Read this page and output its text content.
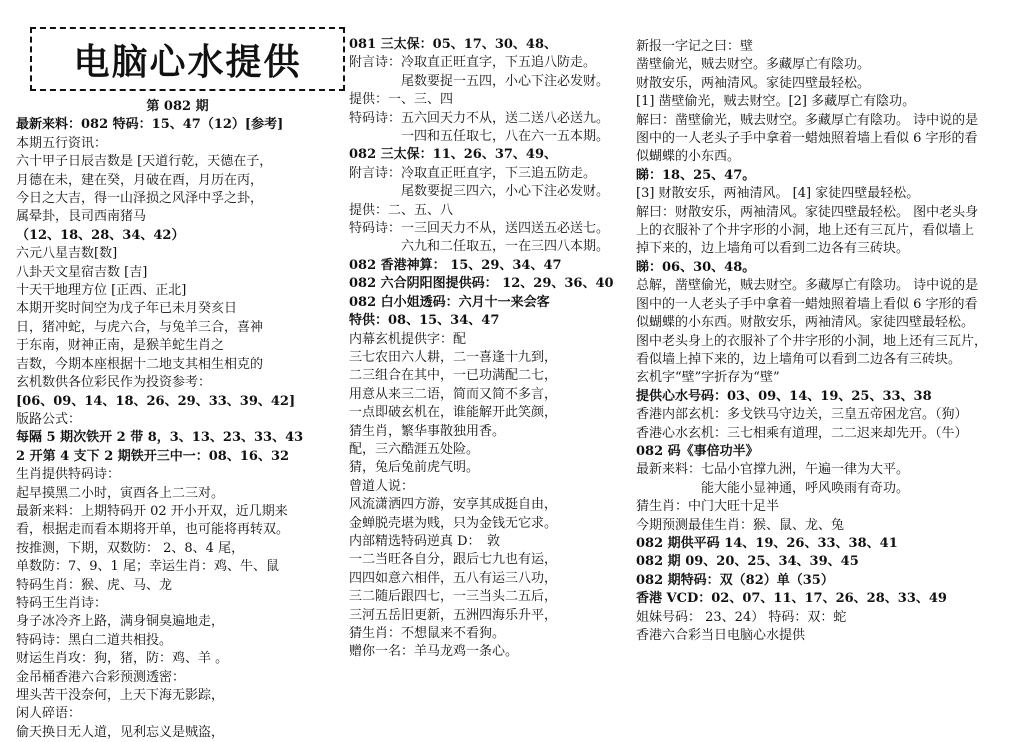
电脑心水提供
第 082 期
最新来料：082 特码：15、47（12）[参考]
本期五行资讯：
六十甲子日辰吉数是 [天道行乾，天德在子，
月德在未，建在癸，月破在酉，月历在丙，
今日之大吉，得一山泽损之风泽中孚之卦，
属晕卦，艮司西南猪马
（12、18、28、34、42）
六元八星吉数[数]
八卦天文星宿吉数 [吉]
十天干地理方位 [正西、正北]
本期开奖时间空为戊子年已未月癸亥日
日，猪冲蛇，与虎六合，与兔羊三合，喜神
于东南，财神正南，是猴羊蛇生肖之
吉数，今期本座根据十二地支其相生相克的
玄机数供各位彩民作为投资参考：
[06、09、14、18、26、29、33、39、42]
版路公式：
每隔 5 期次铁开 2 带 8，3、13、23、33、43
2 开第 4 支下 2 期铁开三中一：08、16、32
生肖提供特码诗：
起早摸黑二小时，寅酉各上二三对。
最新来料：上期特码开 02 开小开双，近几期来
看，根据走而看本期将开单，也可能将再转双。
按推测，下期，双数防： 2、8、4 尾，
单数防：7、9、1 尾；幸运生肖：鸡、牛、鼠
特码生肖：猴、虎、马、龙
特码王生肖诗：
身子冰冷齐上路，满身铜臭遍地走，
特码诗：黑白二道共相投。
财运生肖攻：狗，猪，防：鸡、羊 。
金吊桶香港六合彩预测透密：
埋头苦干没奈何，上天下海无影踪，
闲人碎语：
偷天换日无人道，见利忘义是贼盗，
081 三太保：05、17、30、48、
附言诗：冷取直正旺直字，下五追八防走。
　　　　尾数要捉一五四，小心下注必发财。
提供：一、三、四
特码诗：五六回天力不从，送二送八必送九。
　　　　一四和五任取七，八在六一五本期。
082 三太保：11、26、37、49、
附言诗：冷取直正旺直字，下三追五防走。
　　　　尾数要捉三四六，小心下注必发财。
提供：二、五、八
特码诗：一三回天力不从，送四送五必送七。
　　　　六九和二任取五，一在三四八本期。
082 香港神算： 15、29、34、47
082 六合阴阳图提供码： 12、29、36、40
082 白小姐透码：六月十一来会客
特供：08、15、34、47
内幕玄机提供字：配
三七农田六人耕，二一喜逢十九到，
二三组合在其中，一已功满配二七，
用意从来三二语，简而又简不多言，
一点即破玄机在，谁能解开此笑颜，
猜生肖，繁华事散独用香。
配，三六酷涯五处险。
猜，兔后兔前虎气明。
曾道人说：
风流潇洒四方游，安享其成挺自由，
金蝉脱壳堪为贱，只为金钱无它求。
内部精选特码逆真 D：　敦
一二当旺各自分，跟后七九也有运，
四四如意六相伴，五八有运三八功，
三二随后跟四七，一三当头二五后，
三河五岳旧更新，五洲四海乐升平，
猜生肖：不想鼠来不看狗。
赠你一名：羊马龙鸡一条心。
新报一字记之曰：壁
凿壁偷光，贼去财空。多藏厚亡有陰功。
财散安乐，两袖清风。家徒四壁最轻松。
[1] 凿壁偷光，贼去财空。[2] 多藏厚亡有陰功。
解曰：凿壁偷光，贼去财空。多藏厚亡有陰功。 诗中说的是
图中的一人老头子手中拿着一蜡烛照着墙上看似 6 字形的看
似蝴蝶的小东西。
睇：18、25、47。
[3] 财散安乐，两袖清风。 [4] 家徒四壁最轻松。
解曰：财散安乐，两袖清风。家徒四壁最轻松。 图中老头身
上的衣服补了个井字形的小洞，地上还有三瓦片，看似墙上
掉下来的，边上墙角可以看到二边各有三砖块。
睇：06、30、48。
总解，凿壁偷光，贼去财空。多藏厚亡有陰功。 诗中说的是
图中的一人老头子手中拿着一蜡烛照着墙上看似 6 字形的看
似蝴蝶的小东西。财散安乐，两袖清风。家徒四壁最轻松。
图中老头身上的衣服补了个井字形的小洞，地上还有三瓦片，
看似墙上掉下来的，边上墙角可以看到二边各有三砖块。
玄机字“壁”字折存为“壁”
提供心水号码：03、09、14、19、25、33、38
香港内部玄机：多戈铁马守边关，三皇五帝困龙宫。（狗）
香港心水玄机：三七相乘有道理，二二迟来却先开。（牛）
082 码《事倍功半》
最新来料：七品小官撑九洲，午遍一律为大平。
　　　　　能大能小显神通，呼风唤雨有奇功。
猜生肖：中门大旺十足半
今期预测最佳生肖：猴、鼠、龙、兔
082 期供平码 14、19、26、33、38、41
082 期 09、20、25、34、39、45
082 期特码：双（82）单（35）
香港 VCD：02、07、11、17、26、28、33、49
姐妹号码： 23、24） 特码：双：蛇
香港六合彩当日电脑心水提供
